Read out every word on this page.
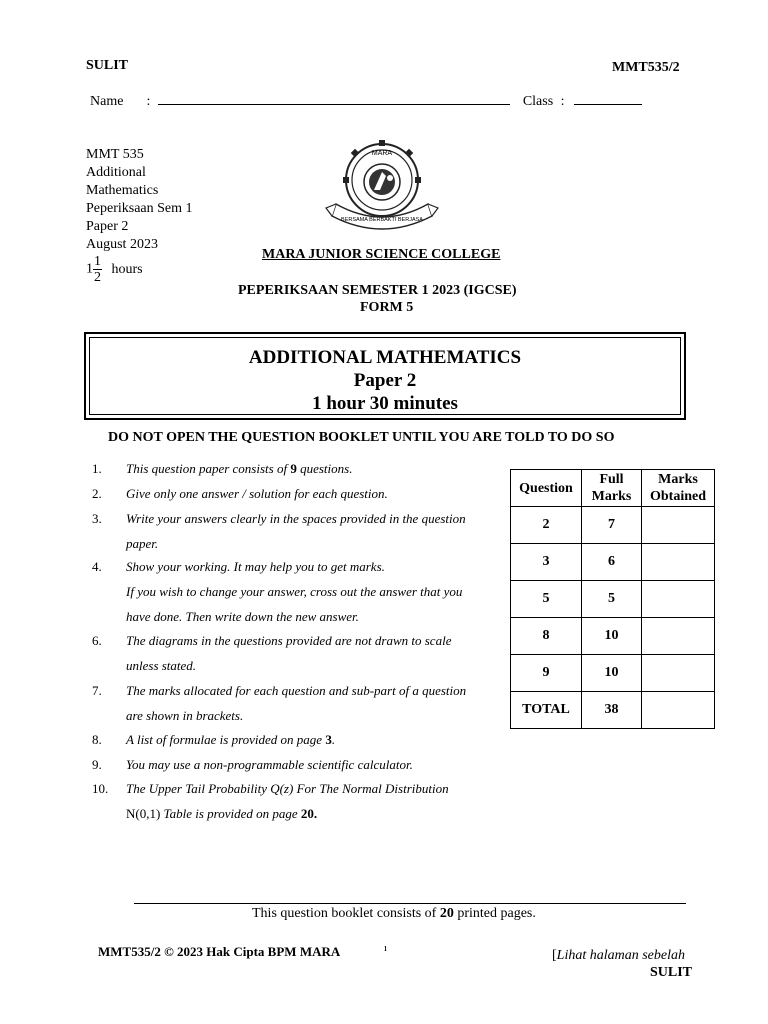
SULIT	MMT535/2
Name :	Class :
MMT 535
Additional
Mathematics
Peperiksaan Sem 1
Paper 2
August 2023
$1 \frac{1}{2}$ hours
MARA
BERSAMA BERBAKTI BERJASA
MARA JUNIOR SCIENCE COLLEGE
PEPERIKSAAN SEMESTER 1 2023 (IGCSE)
FORM 5
ADDITIONAL MATHEMATICS
Paper 2
1 hour 30 minutes
DO NOT OPEN THE QUESTION BOOKLET UNTIL YOU ARE TOLD TO DO SO
1. This question paper consists of 9 questions.
2. Give only one answer / solution for each question.
3. Write your answers clearly in the spaces provided in the question
paper.
4. Show your working. It may help you to get marks.
If you wish to change your answer, cross out the answer that you
have done. Then write down the new answer.
6. The diagrams in the questions provided are not drawn to scale
unless stated.
7. The marks allocated for each question and sub-part of a question
are shown in brackets.
8. A list of formulae is provided on page 3.
9. You may use a non-programmable scientific calculator.
10. The Upper Tail Probability Q(z) For The Normal Distribution
N(0,1) Table is provided on page 20.
Question	Full Marks	Marks Obtained
2	7	
3	6	
5	5	
8	10	
9	10	
TOTAL	38	
This question booklet consists of 20 printed pages.
MMT535/2 © 2023 Hak Cipta BPM MARA	ı	[Lihat halaman sebelah
SULIT
